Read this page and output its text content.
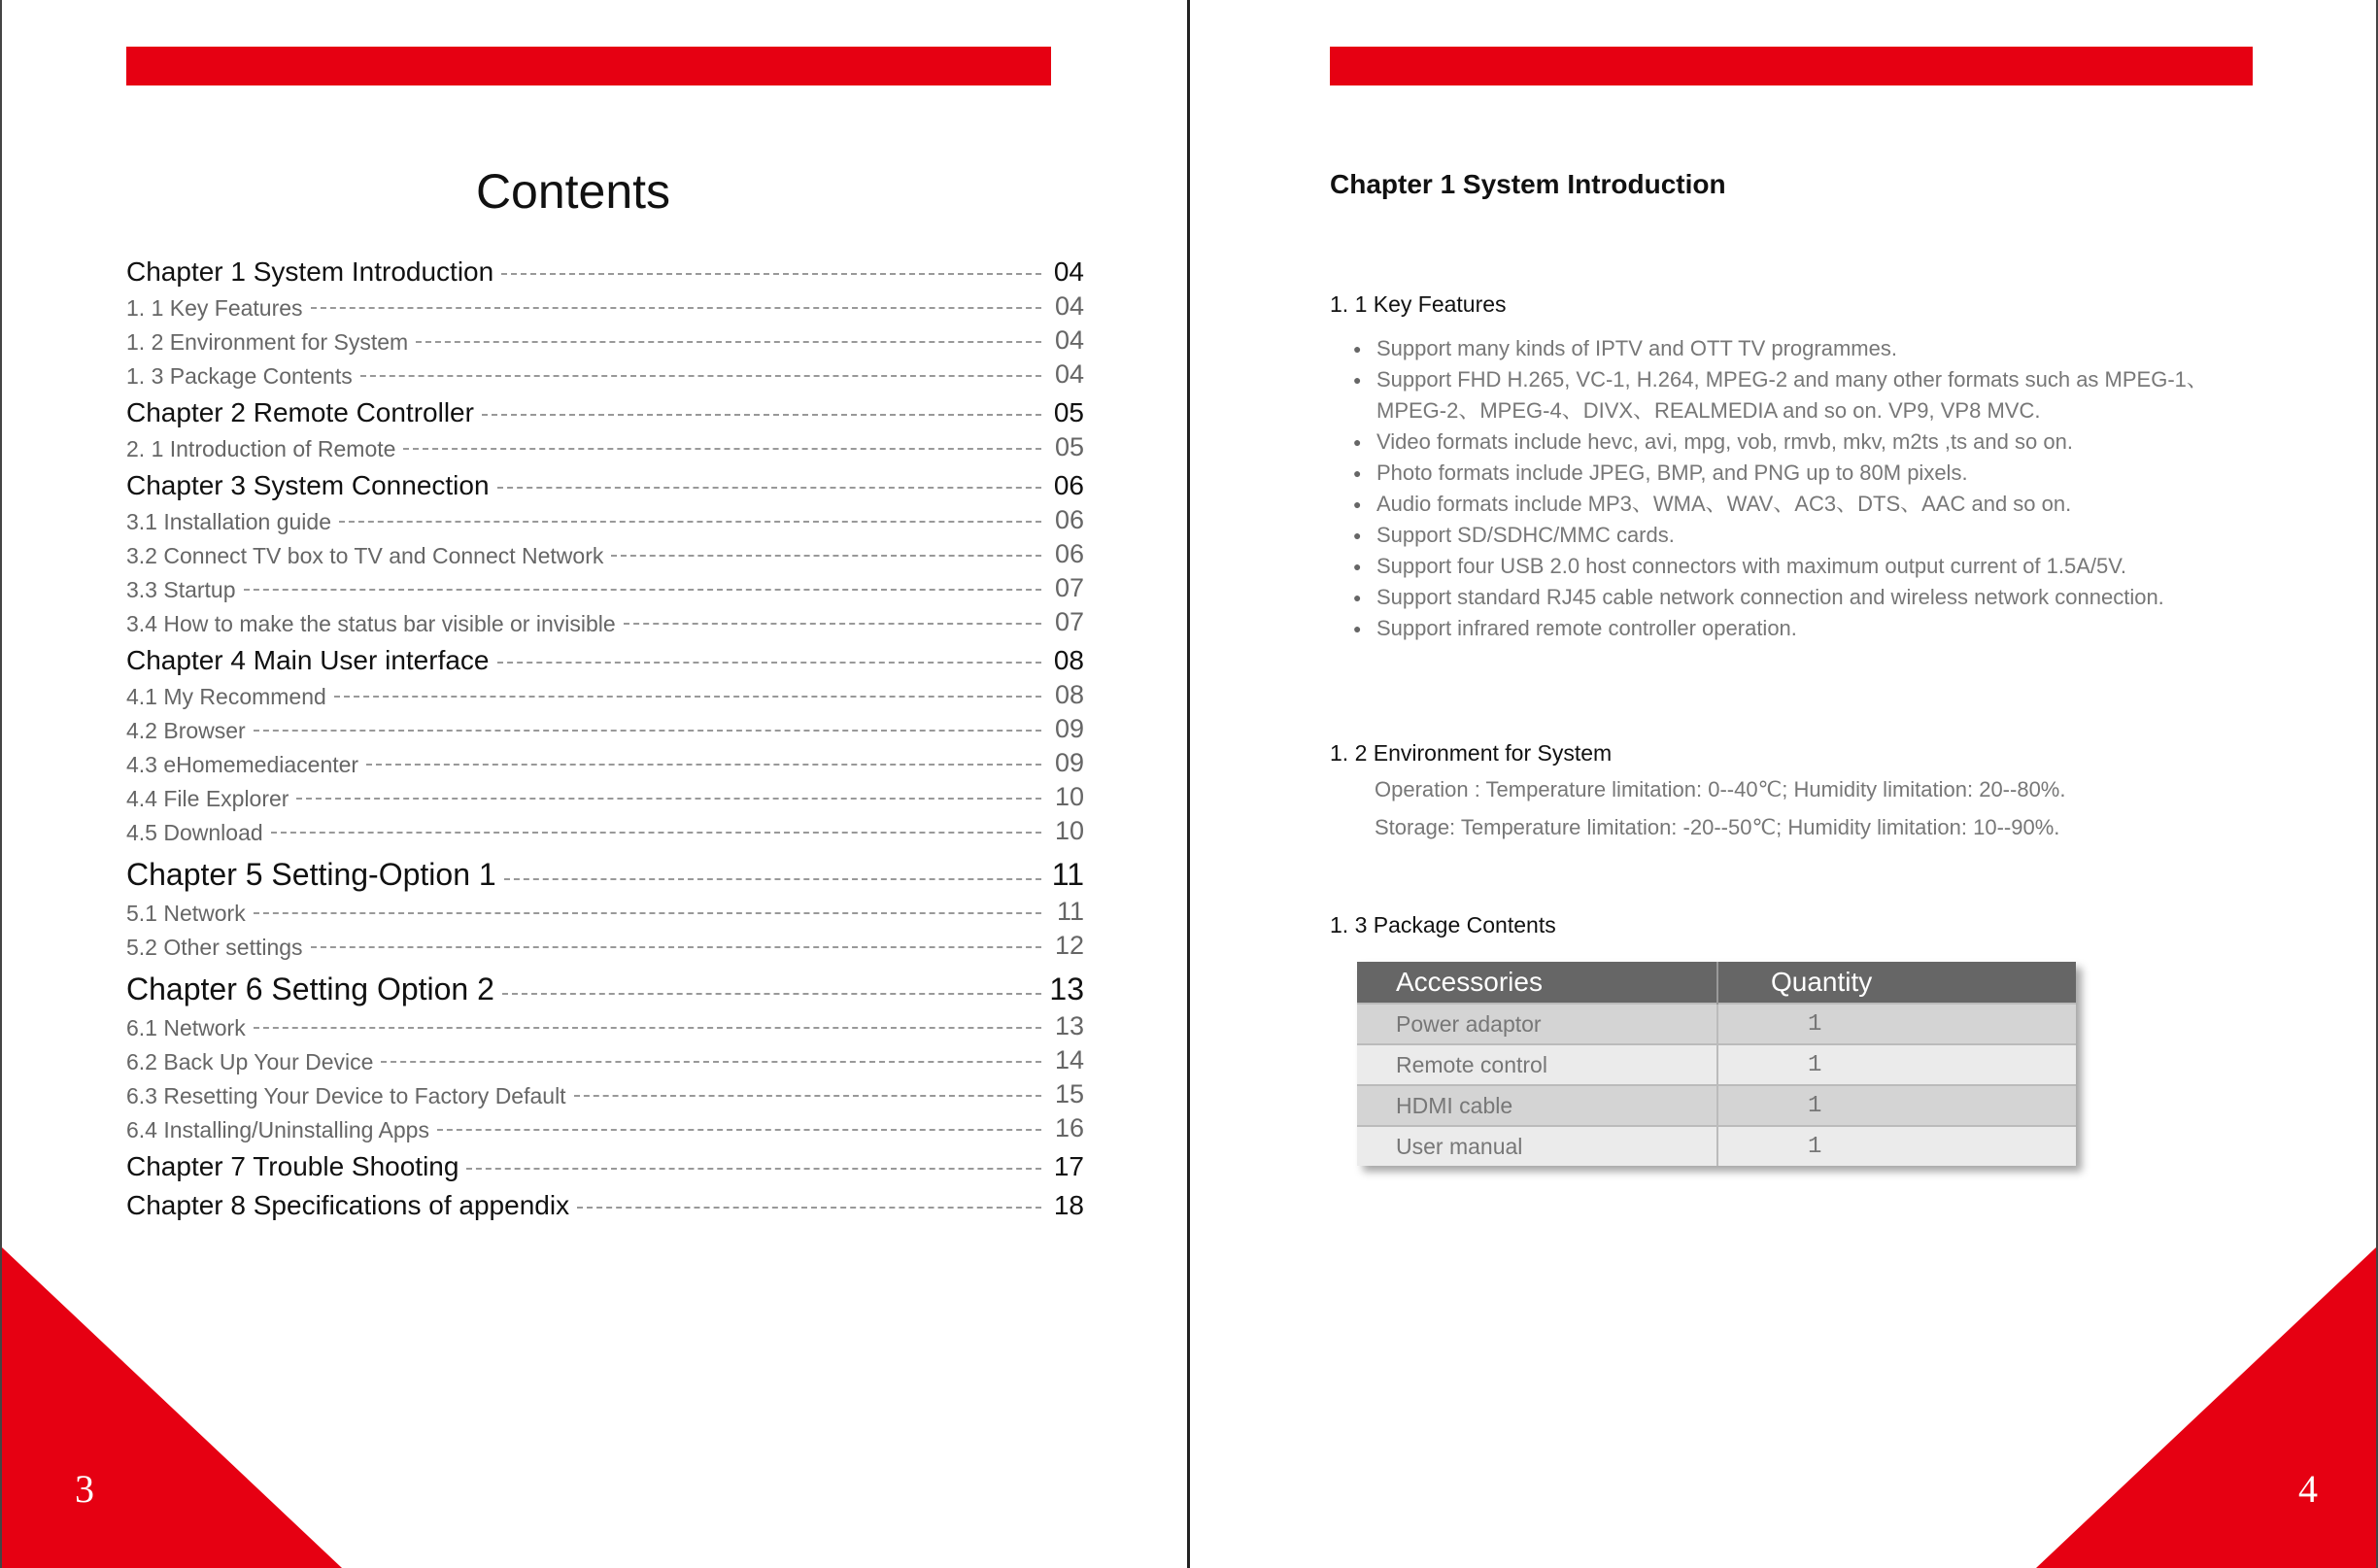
Contents
Chapter 1 System Introduction	04
1. 1 Key Features	04
1. 2 Environment for System	04
1. 3 Package Contents	04
Chapter 2 Remote Controller	05
2. 1 Introduction of Remote	05
Chapter 3 System Connection	06
3.1 Installation guide	06
3.2 Connect TV box to TV and Connect Network	06
3.3 Startup	07
3.4 How to make the status bar visible or invisible	07
Chapter 4 Main User interface	08
4.1 My Recommend	08
4.2 Browser	09
4.3 eHomemediacenter	09
4.4 File Explorer	10
4.5 Download	10
Chapter 5 Setting-Option 1	11
5.1 Network	11
5.2 Other settings	12
Chapter 6 Setting Option 2	13
6.1 Network	13
6.2 Back Up Your Device	14
6.3 Resetting Your Device to Factory Default	15
6.4 Installing/Uninstalling Apps	16
Chapter 7 Trouble Shooting	17
Chapter 8 Specifications of appendix	18
3
Chapter 1 System Introduction
1. 1 Key Features
● Support many kinds of IPTV and OTT TV programmes.
● Support FHD H.265, VC-1, H.264, MPEG-2 and many other formats such as MPEG-1、
MPEG-2、MPEG-4、DIVX、REALMEDIA and so on. VP9, VP8 MVC.
● Video formats include hevc, avi, mpg, vob, rmvb, mkv, m2ts ,ts and so on.
● Photo formats include JPEG, BMP, and PNG up to 80M pixels.
● Audio formats include MP3、WMA、WAV、AC3、DTS、AAC and so on.
● Support SD/SDHC/MMC cards.
● Support four USB 2.0 host connectors with maximum output current of 1.5A/5V.
● Support standard RJ45 cable network connection and wireless network connection.
● Support infrared remote controller operation.
1. 2 Environment for System
Operation : Temperature limitation: 0--40℃; Humidity limitation: 20--80%.
Storage: Temperature limitation: -20--50℃; Humidity limitation: 10--90%.
1. 3 Package Contents
Accessories	Quantity
Power adaptor	1
Remote control	1
HDMI cable	1
User manual	1
4
